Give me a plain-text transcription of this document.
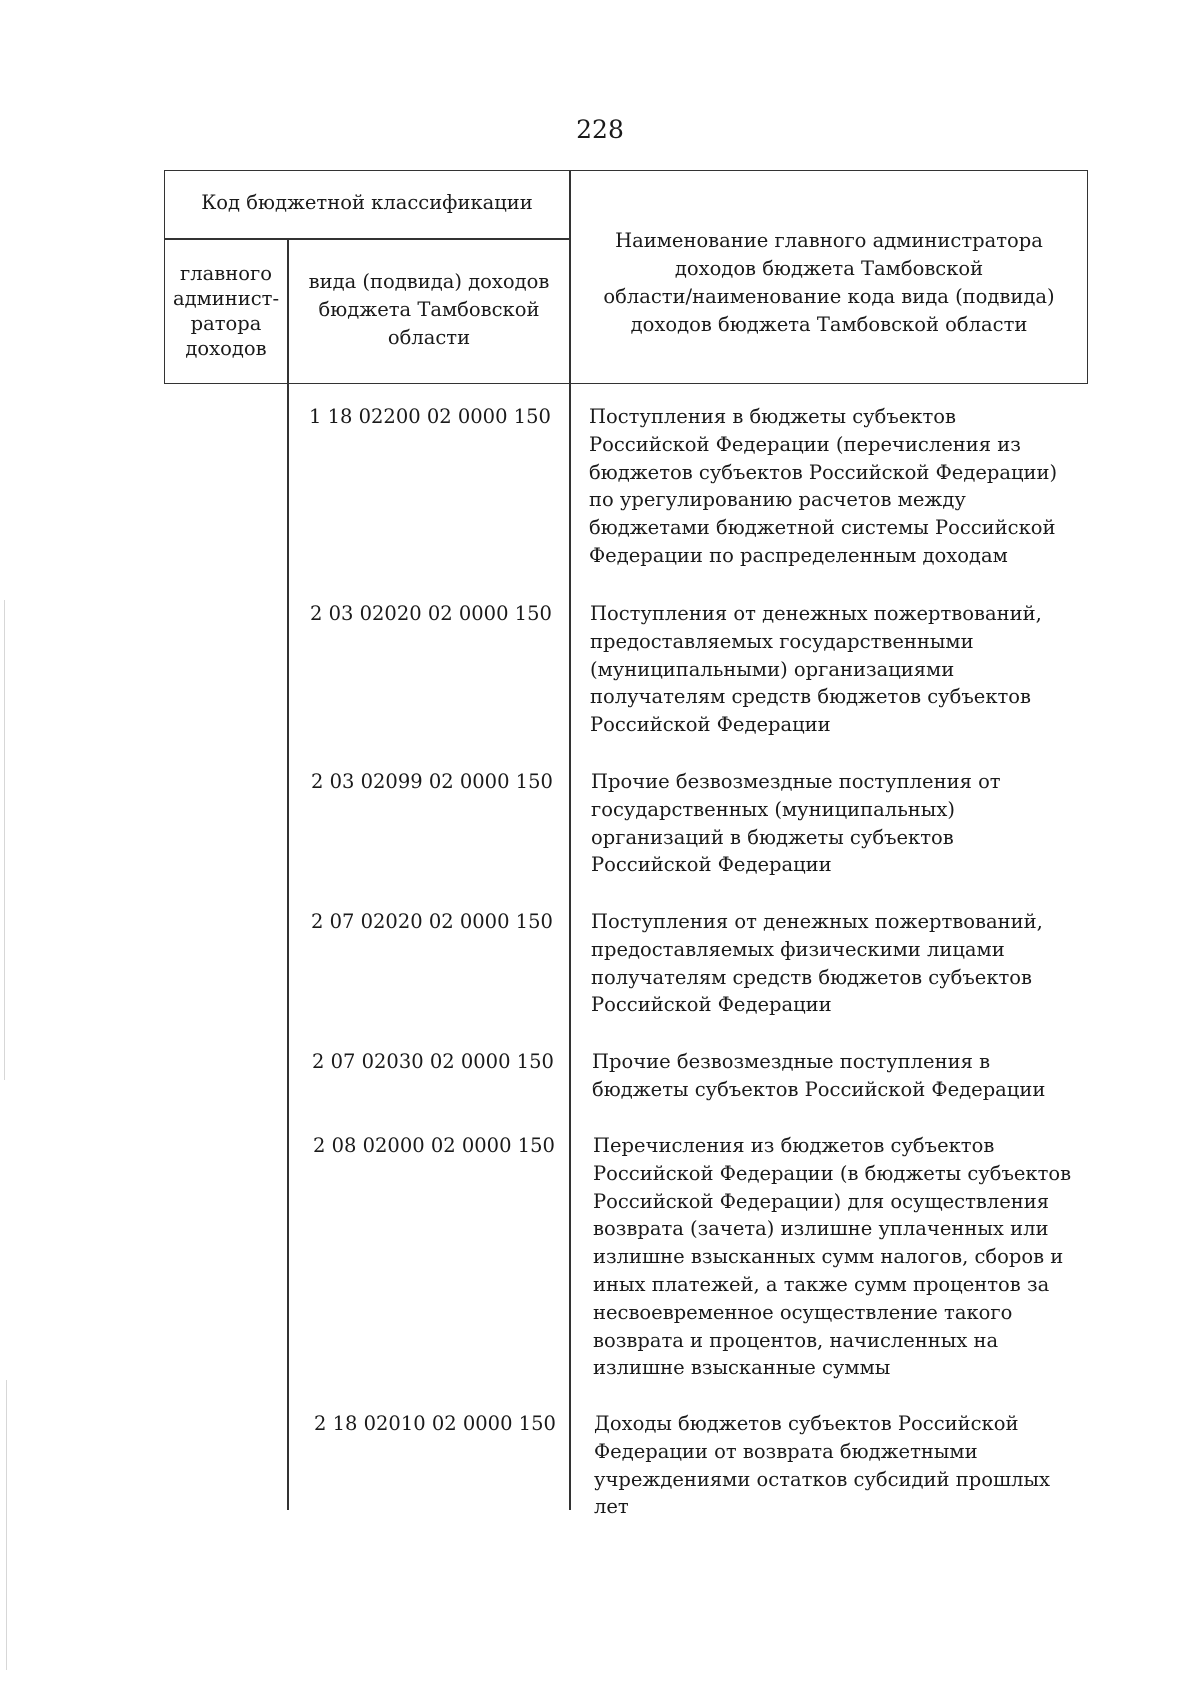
228
Код бюджетной классификации
главного
админист-
ратора
доходов
вида (подвида) доходов
бюджета Тамбовской
области
Наименование главного администратора
доходов бюджета Тамбовской
области/наименование кода вида (подвида)
доходов бюджета Тамбовской области
1 18 02200 02 0000 150 Поступления в бюджеты субъектов
Российской Федерации (перечисления из
бюджетов субъектов Российской Федерации)
по урегулированию расчетов между
бюджетами бюджетной системы Российской
Федерации по распределенным доходам
2 03 02020 02 0000 150 Поступления от денежных пожертвований,
предоставляемых государственными
(муниципальными) организациями
получателям средств бюджетов субъектов
Российской Федерации
2 03 02099 02 0000 150 Прочие безвозмездные поступления от
государственных (муниципальных)
организаций в бюджеты субъектов
Российской Федерации
2 07 02020 02 0000 150 Поступления от денежных пожертвований,
предоставляемых физическими лицами
получателям средств бюджетов субъектов
Российской Федерации
2 07 02030 02 0000 150 Прочие безвозмездные поступления в
бюджеты субъектов Российской Федерации
2 08 02000 02 0000 150 Перечисления из бюджетов субъектов
Российской Федерации (в бюджеты субъектов
Российской Федерации) для осуществления
возврата (зачета) излишне уплаченных или
излишне взысканных сумм налогов, сборов и
иных платежей, а также сумм процентов за
несвоевременное осуществление такого
возврата и процентов, начисленных на
излишне взысканные суммы
2 18 02010 02 0000 150 Доходы бюджетов субъектов Российской
Федерации от возврата бюджетными
учреждениями остатков субсидий прошлых
лет
